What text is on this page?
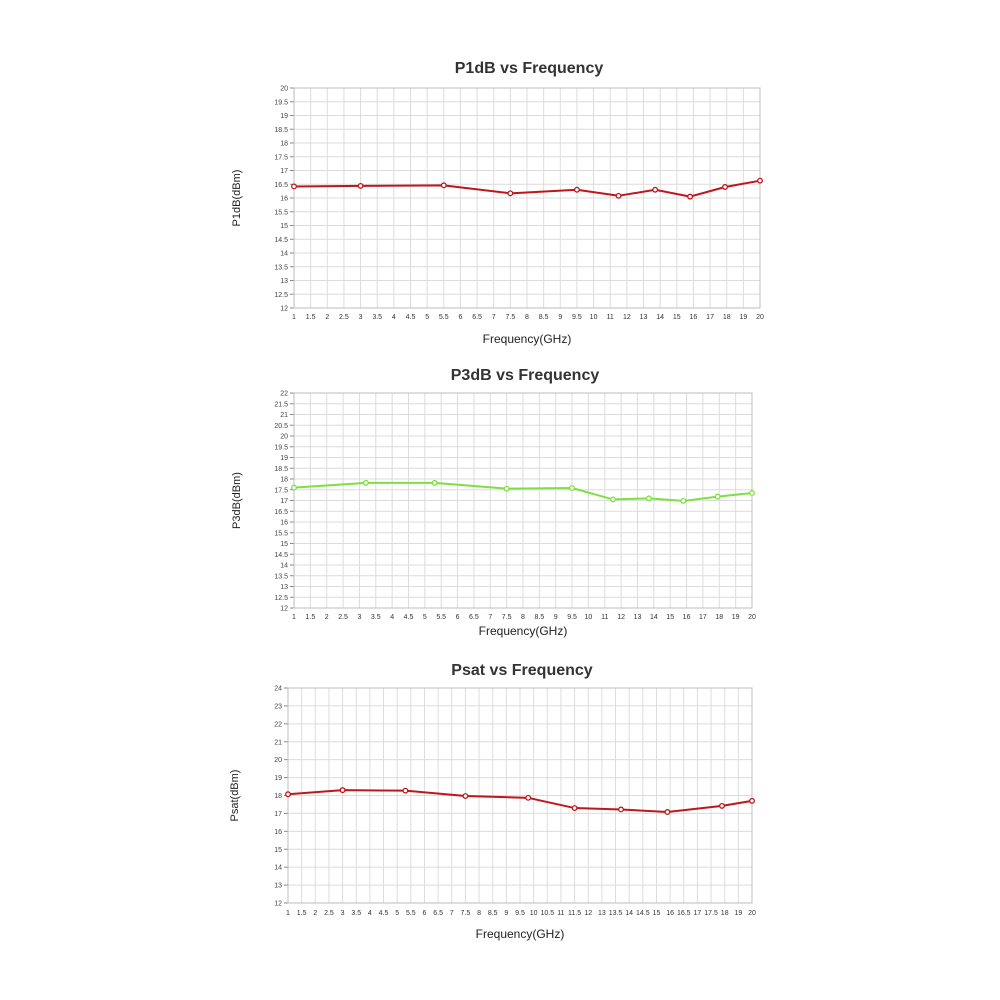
12
12.5
13
13.5
14
14.5
15
15.5
16
16.5
17
17.5
18
18.5
19
19.5
20
1 1.5 2 2.5 3 3.5 4 4.5 5 5.5 6 6.5 7 7.5 8 8.5 9 9.5 10 11 12 13 14 15 16 17 18 19 20
P1dB vs Frequency
Frequency(GHz)
P1dB(dBm)
12
12.5
13
13.5
14
14.5
15
15.5
16
16.5
17
17.5
18
18.5
19
19.5
20
20.5
21
21.5
22
1 1.5 2 2.5 3 3.5 4 4.5 5 5.5 6 6.5 7 7.5 8 8.5 9 9.5 10 11 12 13 14 15 16 17 18 19 20
P3dB vs Frequency
Frequency(GHz)
P3dB(dBm)
12
13
14
15
16
17
18
19
20
21
22
23
24
1 1.5 2 2.5 3 3.5 4 4.5 5 5.5 6 6.5 7 7.5 8 8.5 9 9.5 10 10.5 11 11.5 12 13 13.5 14 14.5 15 16 16.5 17 17.5 18 19 20
Psat vs Frequency
Frequency(GHz)
Psat(dBm)
